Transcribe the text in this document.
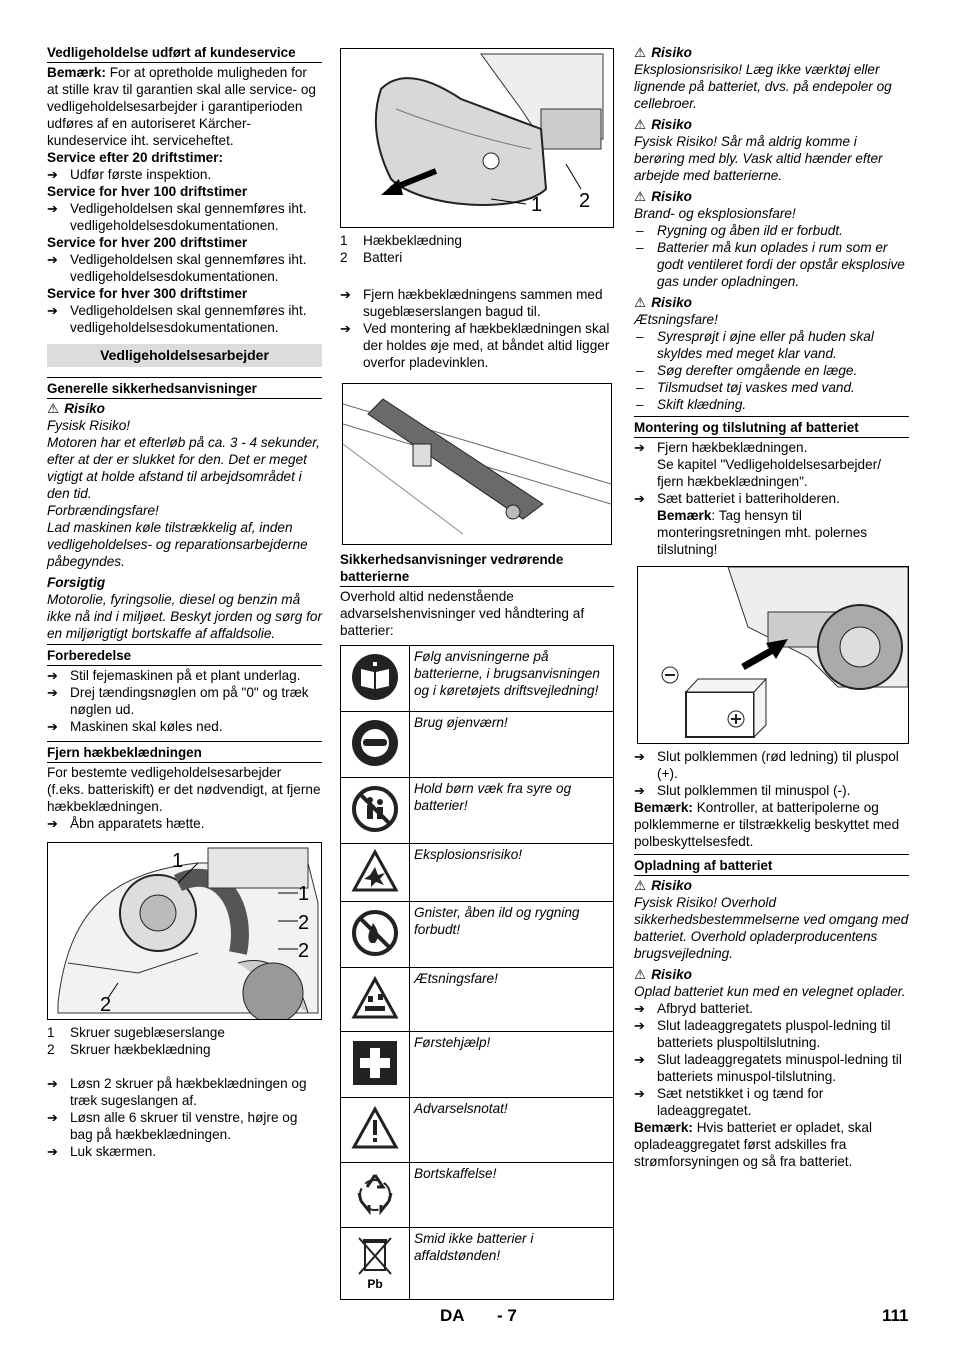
Vedligeholdelse udført af kundeservice

Bemærk: For at opretholde muligheden for at stille krav til garantien skal alle service- og vedligeholdelsesarbejder i garantiperioden udføres af en autoriseret Kärcher-kundeservice iht. serviceheftet.

Service efter 20 driftstimer:

➔ Udfør første inspektion.

Service for hver 100 driftstimer

➔ Vedligeholdelsen skal gennemføres iht. vedligeholdelsesdokumentationen.

Service for hver 200 driftstimer

➔ Vedligeholdelsen skal gennemføres iht. vedligeholdelsesdokumentationen.

Service for hver 300 driftstimer

➔ Vedligeholdelsen skal gennemføres iht. vedligeholdelsesdokumentationen.

Vedligeholdelsesarbejder
Generelle sikkerhedsanvisninger

⚠ Risiko

Fysisk Risiko!

Motoren har et efterløb på ca. 3 - 4 sekunder, efter at der er slukket for den. Det er meget vigtigt at holde afstand til arbejdsområdet i den tid.

Forbrændingsfare!

Lad maskinen køle tilstrækkelig af, inden vedligeholdelses- og reparationsarbejderne påbegyndes.

Forsigtig

Motorolie, fyringsolie, diesel og benzin må ikke nå ind i miljøet. Beskyt jorden og sørg for en miljørigtigt bortskaffe af affaldsolie.

Forberedelse

➔ Stil fejemaskinen på et plant underlag.

➔ Drej tændingsnøglen om på "0" og træk nøglen ud.

➔ Maskinen skal køles ned.

Fjern hækbeklædningen

For bestemte vedligeholdelsesarbejder (f.eks. batteriskift) er det nødvendigt, at fjerne hækbeklædningen.

➔ Åbn apparatets hætte.

1
1
2
2
2

1 Skruer sugeblæserslange

2 Skruer hækbeklædning

➔ Løsn 2 skruer på hækbeklædningen og træk sugeslangen af.

➔ Løsn alle 6 skruer til venstre, højre og bag på hækbeklædningen.

➔ Luk skærmen.

1 2

1 Hækbeklædning

2 Batteri

➔ Fjern hækbeklædningens sammen med sugeblæserslangen bagud til.

➔ Ved montering af hækbeklædningen skal der holdes øje med, at båndet altid ligger overfor pladevinklen.

Sikkerhedsanvisninger vedrørende batterierne

Overhold altid nedenstående advarselshenvisninger ved håndtering af batterier:

	Følg anvisningerne på batterierne, i brugsanvisningen og i køretøjets driftsvejledning!
	Brug øjenværn!
	Hold børn væk fra syre og batterier!
	Eksplosionsrisiko!
	Gnister, åben ild og rygning forbudt!
	Ætsningsfare!
	Førstehjælp!
	Advarselsnotat!
	Bortskaffelse!

Pb	Smid ikke batterier i affaldstønden!

⚠ Risiko

Eksplosionsrisiko! Læg ikke værktøj eller lignende på batteriet, dvs. på endepoler og cellebroer.

⚠ Risiko

Fysisk Risiko! Sår må aldrig komme i berøring med bly. Vask altid hænder efter arbejde med batterierne.

⚠ Risiko

Brand- og eksplosionsfare!

– Rygning og åben ild er forbudt.

– Batterier må kun oplades i rum som er godt ventileret fordi der opstår eksplosive gas under opladningen.

⚠ Risiko

Ætsningsfare!

– Syresprøjt i øjne eller på huden skal skyldes med meget klar vand.

– Søg derefter omgående en læge.

– Tilsmudset tøj vaskes med vand.

– Skift klædning.

Montering og tilslutning af batteriet

➔ Fjern hækbeklædningen.

Se kapitel "Vedligeholdelsesarbejder/ fjern hækbeklædningen".

➔ Sæt batteriet i batteriholderen.

Bemærk: Tag hensyn til monteringsretningen mht. polernes tilslutning!

➔ Slut polklemmen (rød ledning) til pluspol (+).

➔ Slut polklemmen til minuspol (-).

Bemærk: Kontroller, at batteripolerne og polklemmerne er tilstrækkelig beskyttet med polbeskyttelsesfedt.

Opladning af batteriet

⚠ Risiko

Fysisk Risiko! Overhold sikkerhedsbestemmelserne ved omgang med batteriet. Overhold opladerproducentens brugsvejledning.

⚠ Risiko

Oplad batteriet kun med en velegnet oplader.

➔ Afbryd batteriet.

➔ Slut ladeaggregatets pluspol-ledning til batteriets pluspoltilslutning.

➔ Slut ladeaggregatets minuspol-ledning til batteriets minuspol-tilslutning.

➔ Sæt netstikket i og tænd for ladeaggregatet.

Bemærk: Hvis batteriet er opladet, skal opladeaggregatet først adskilles fra strømforsyningen og så fra batteriet.

DA - 7	111
